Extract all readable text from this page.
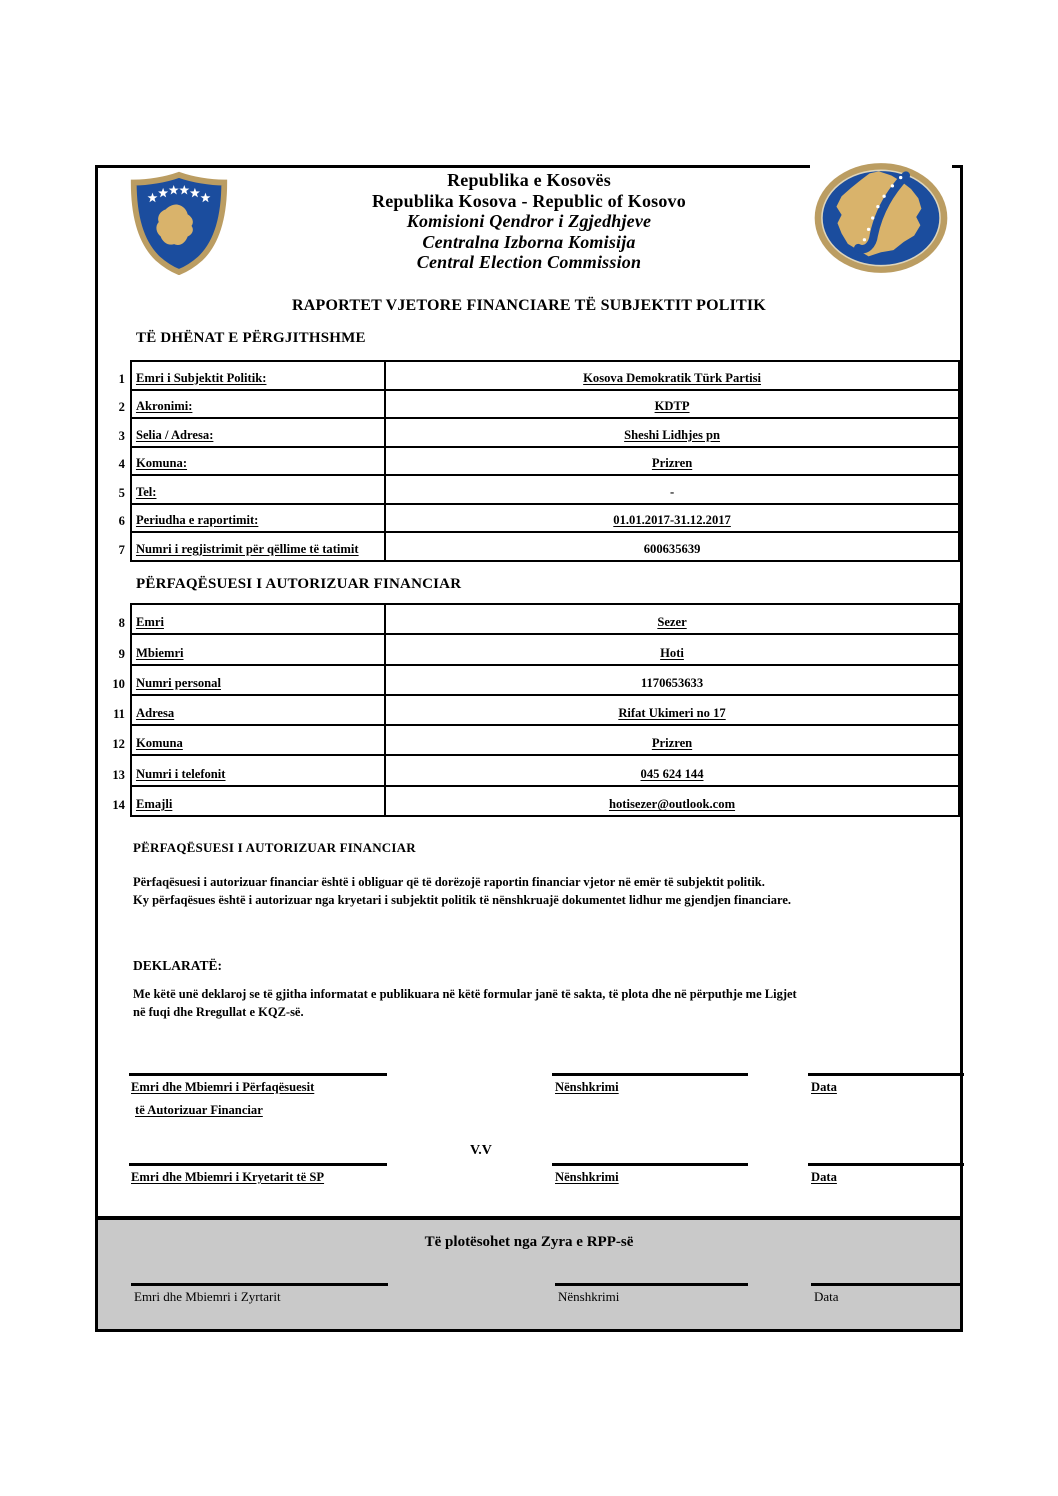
Republika e Kosovës
Republika Kosova - Republic of Kosovo
Komisioni Qendror i Zgjedhjeve
Centralna Izborna Komisija
Central Election Commission
RAPORTET VJETORE FINANCIARE TË SUBJEKTIT POLITIK
TË DHËNAT E PËRGJITHSHME
1	Emri i Subjektit Politik:	Kosova Demokratik Türk Partisi
2	Akronimi:	KDTP
3	Selia / Adresa:	Sheshi Lidhjes pn
4	Komuna:	Prizren
5	Tel:	-
6	Periudha e raportimit:	01.01.2017-31.12.2017
7	Numri i regjistrimit për qëllime të tatimit	600635639
PËRFAQËSUESI I AUTORIZUAR FINANCIAR
8	Emri	Sezer
9	Mbiemri	Hoti
10	Numri personal	1170653633
11	Adresa	Rifat Ukimeri no 17
12	Komuna	Prizren
13	Numri i telefonit	045 624 144
14	Emajli	hotisezer@outlook.com
PËRFAQËSUESI I AUTORIZUAR FINANCIAR
Përfaqësuesi i autorizuar financiar është i obliguar që të dorëzojë raportin financiar vjetor në emër të subjektit politik.
Ky përfaqësues është i autorizuar nga kryetari i subjektit politik të nënshkruajë dokumentet lidhur me gjendjen financiare.
DEKLARATË:
Me këtë unë deklaroj se të gjitha informatat e publikuara në këtë formular janë të sakta, të plota dhe në përputhje me Ligjet
në fuqi dhe Rregullat e KQZ-së.
Emri dhe Mbiemri i Përfaqësuesit
të Autorizuar Financiar
Nënshkrimi	Data
V.V
Emri dhe Mbiemri i Kryetarit të SP	Nënshkrimi	Data
Të plotësohet nga Zyra e RPP-së
Emri dhe Mbiemri i Zyrtarit	Nënshkrimi	Data
